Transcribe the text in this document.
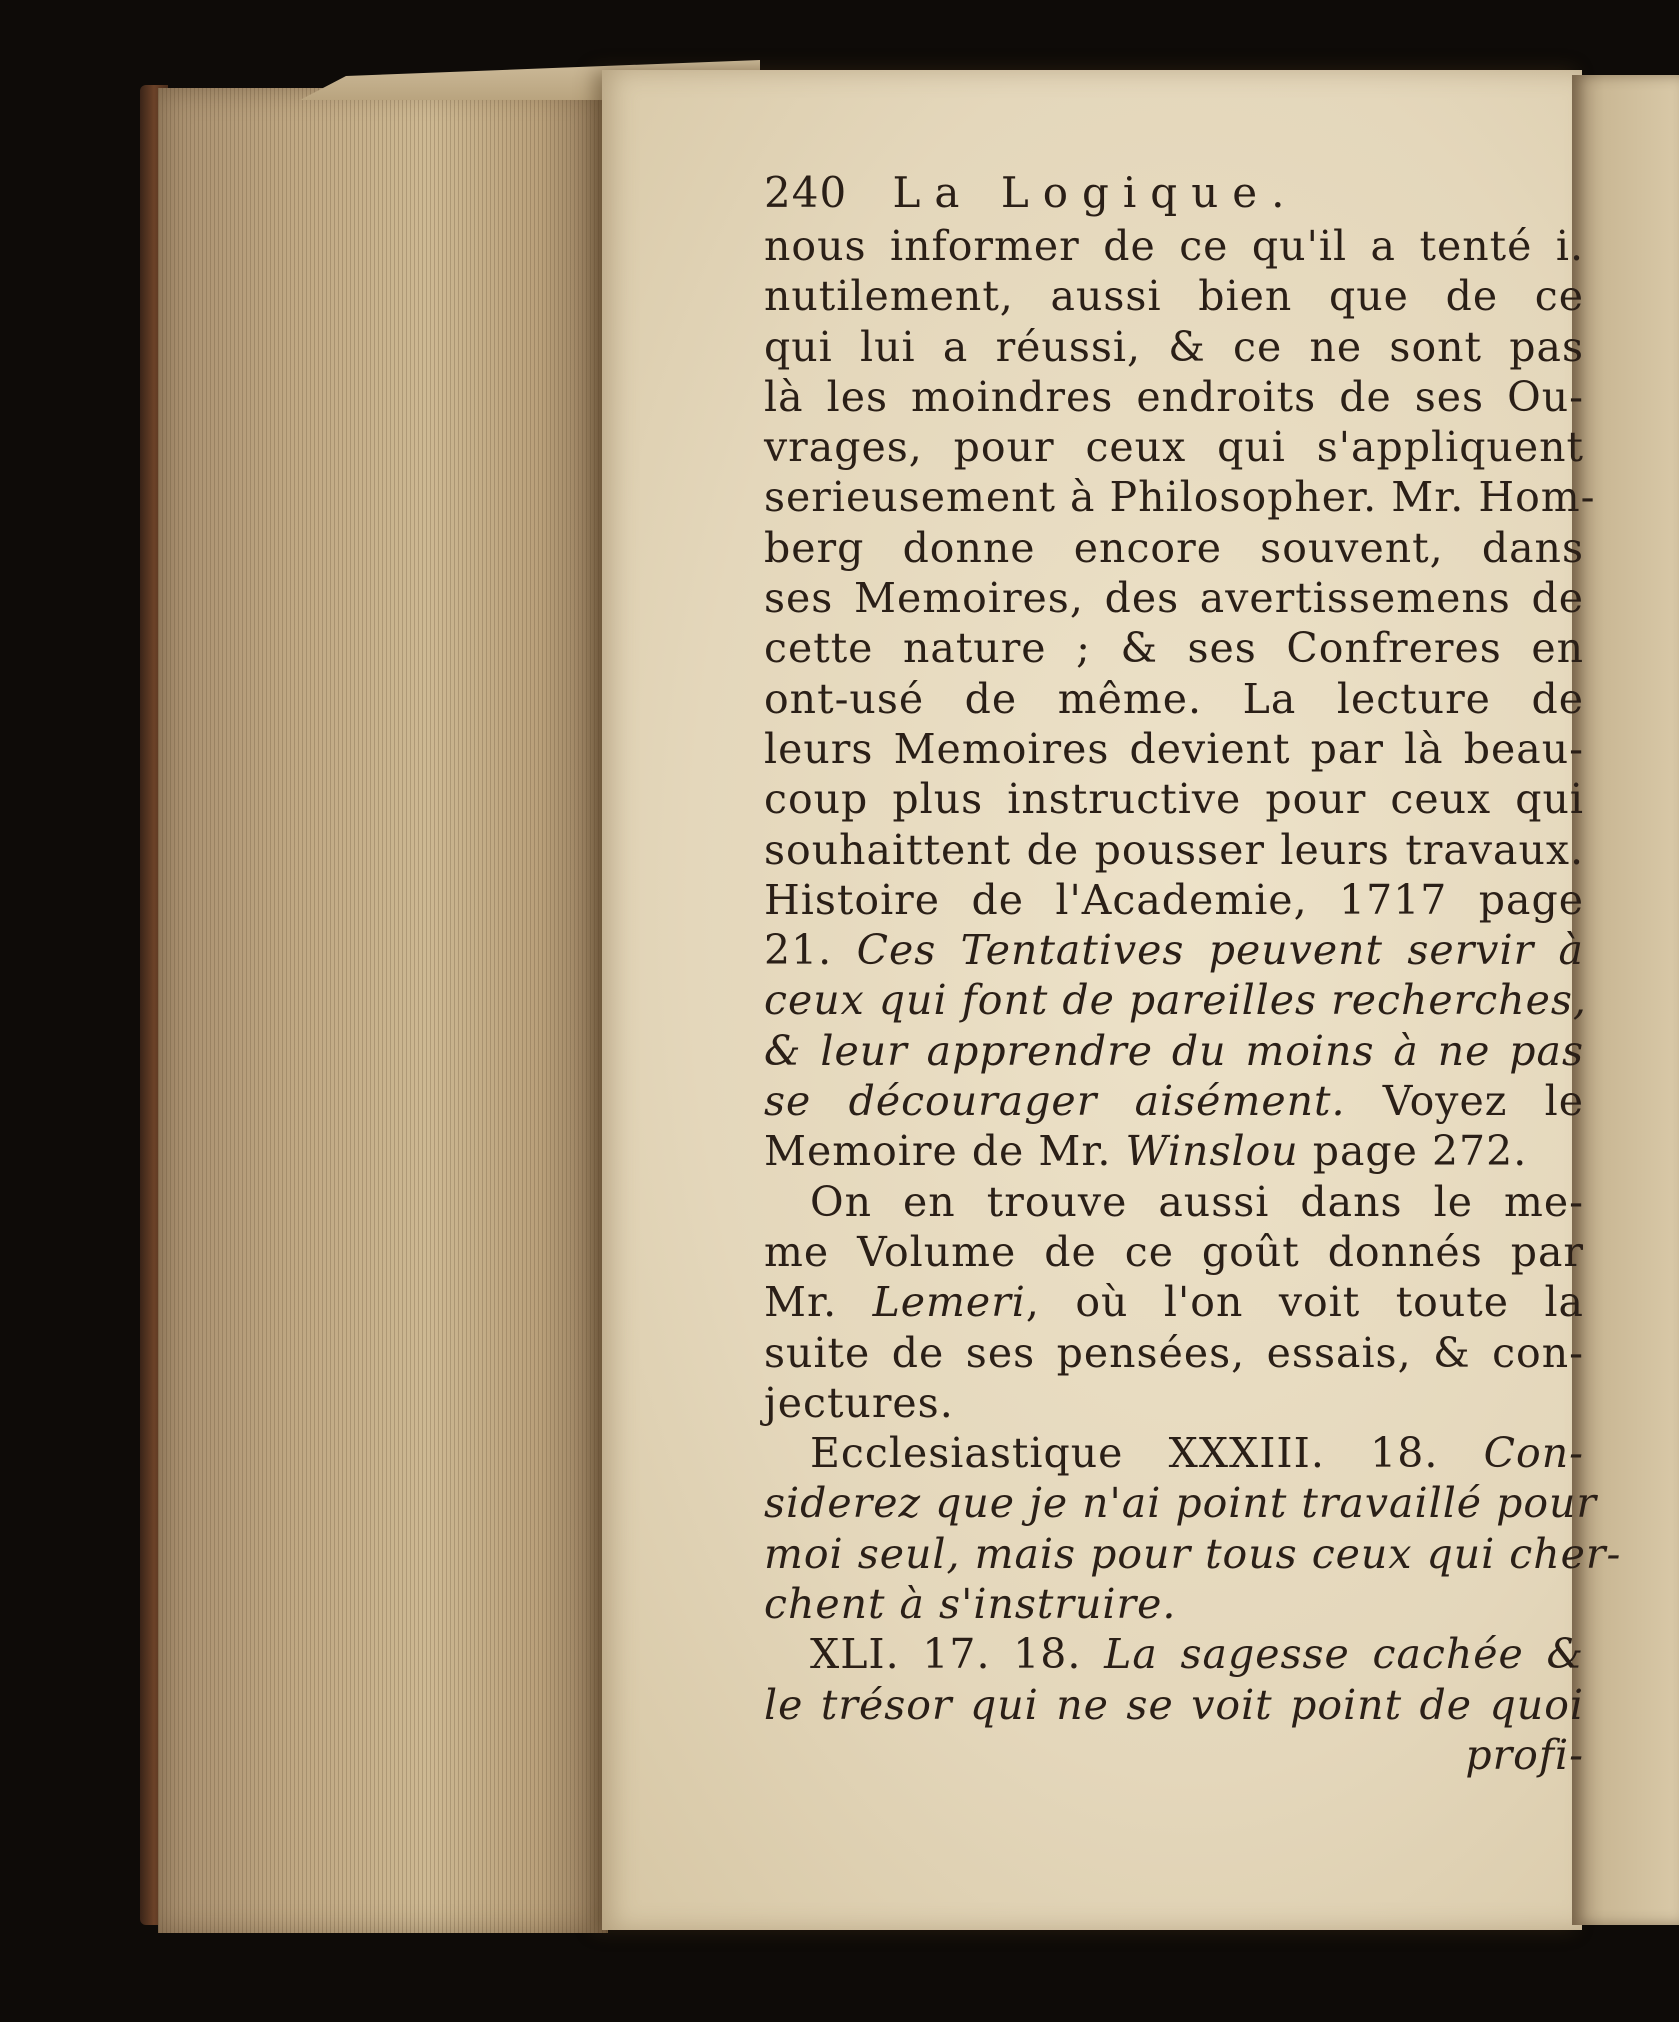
240 La Logique.
nous informer de ce qu'il a tenté i.
nutilement, aussi bien que de ce
qui lui a réussi, & ce ne sont pas
là les moindres endroits de ses Ou-
vrages, pour ceux qui s'appliquent
serieusement à Philosopher. Mr. Hom-
berg donne encore souvent, dans
ses Memoires, des avertissemens de
cette nature ; & ses Confreres en
ont-usé de même. La lecture de
leurs Memoires devient par là beau-
coup plus instructive pour ceux qui
souhaittent de pousser leurs travaux.
Histoire de l'Academie, 1717 page
21. Ces Tentatives peuvent servir à
ceux qui font de pareilles recherches,
& leur apprendre du moins à ne pas
se décourager aisément. Voyez le
Memoire de Mr. Winslou page 272.
On en trouve aussi dans le me-
me Volume de ce goût donnés par
Mr. Lemeri, où l'on voit toute la
suite de ses pensées, essais, & con-
jectures.
Ecclesiastique XXXIII. 18. Con-
siderez que je n'ai point travaillé pour
moi seul, mais pour tous ceux qui cher-
chent à s'instruire.
XLI. 17. 18. La sagesse cachée &
le trésor qui ne se voit point de quoi
profi-
